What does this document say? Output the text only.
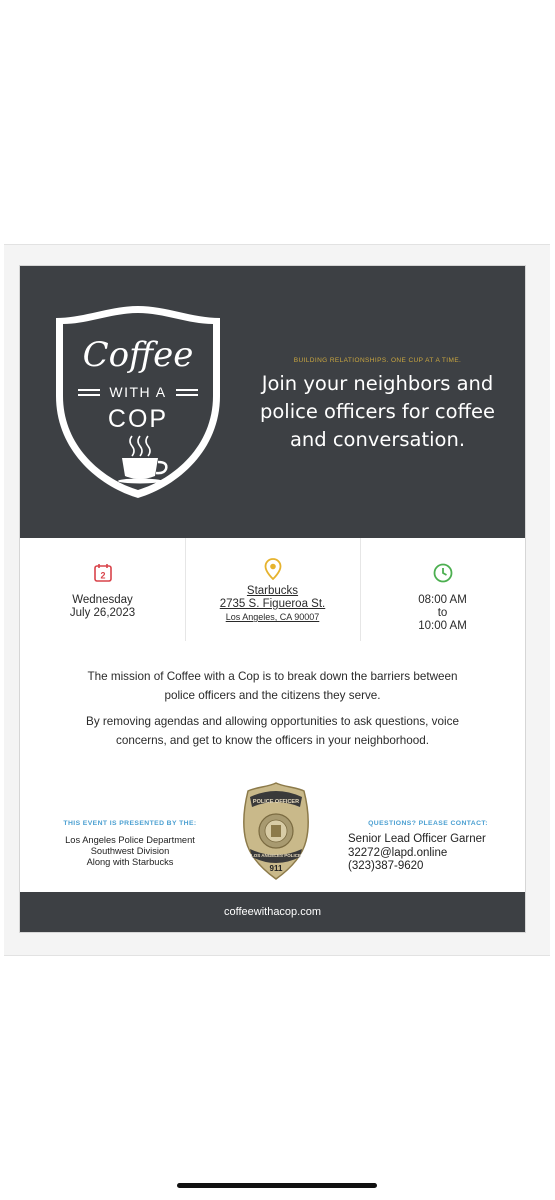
Coffee
WITH A
COP
BUILDING RELATIONSHIPS. ONE CUP AT A TIME.
Join your neighbors and police officers for coffee and conversation.
2
Wednesday
July 26,2023
Starbucks
2735 S. Figueroa St.
Los Angeles, CA 90007
08:00 AM
to
10:00 AM

The mission of Coffee with a Cop is to break down the barriers between police officers and the citizens they serve.

By removing agendas and allowing opportunities to ask questions, voice concerns, and get to know the officers in your neighborhood.

THIS EVENT IS PRESENTED BY THE:
Los Angeles Police Department
Southwest Division
Along with Starbucks
POLICE OFFICER
LOS ANGELES POLICE
911
QUESTIONS? PLEASE CONTACT:
Senior Lead Officer Garner
32272@lapd.online
(323)387-9620
coffeewithacop.com
